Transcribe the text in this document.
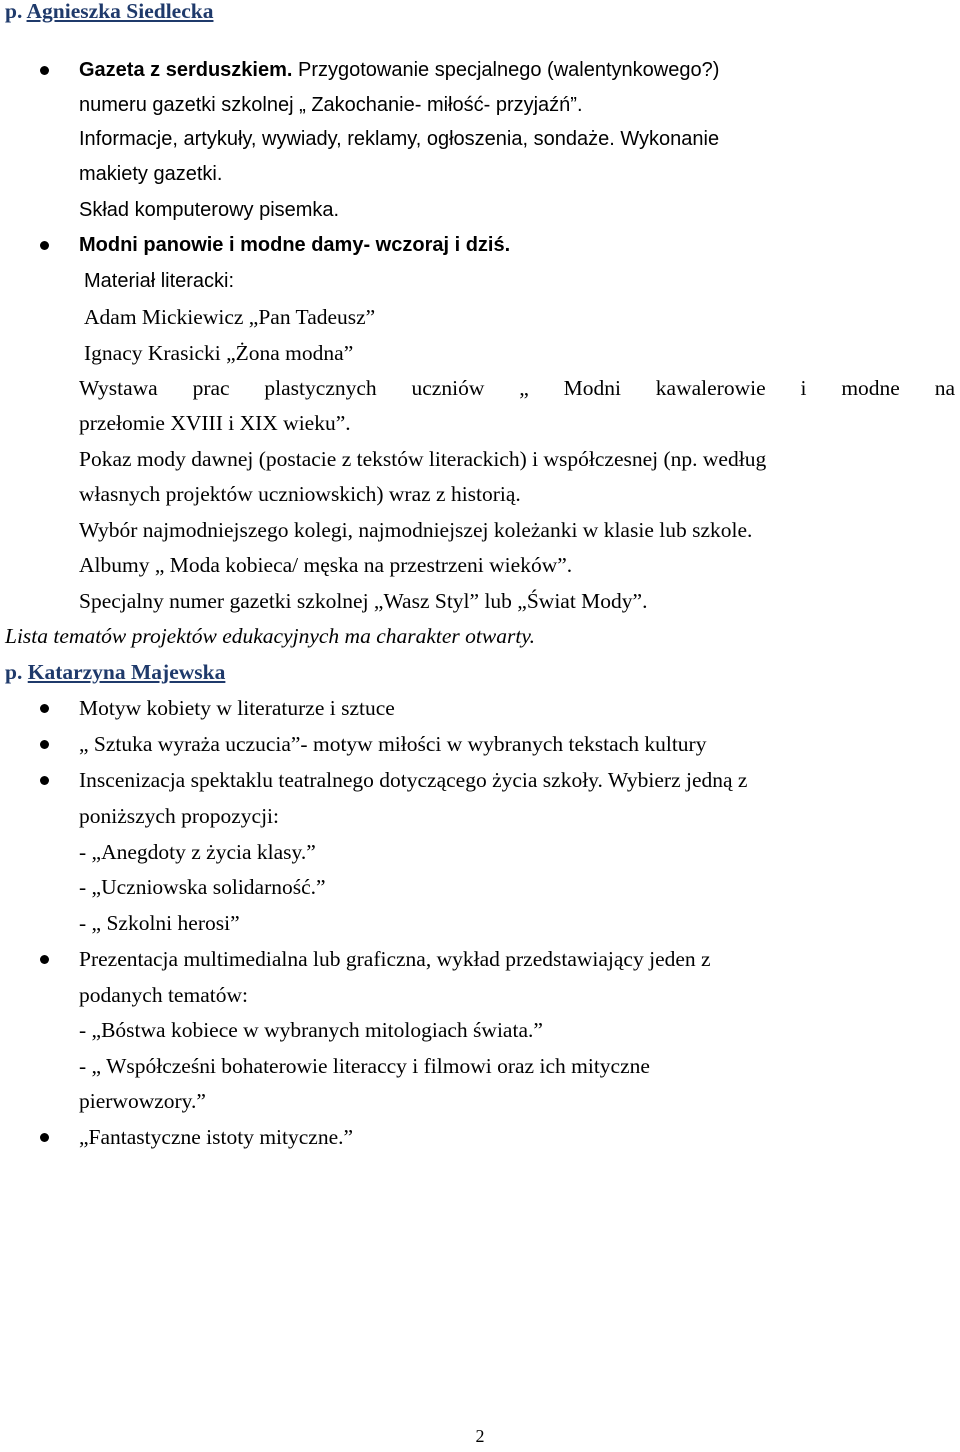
p. Agnieszka Siedlecka
Gazeta z serduszkiem. Przygotowanie specjalnego (walentynkowego?)
numeru gazetki szkolnej „ Zakochanie- miłość- przyjaźń”.
Informacje, artykuły, wywiady, reklamy, ogłoszenia, sondaże. Wykonanie
makiety gazetki.
Skład komputerowy pisemka.
Modni panowie i modne damy- wczoraj i dziś.
Materiał literacki:
Adam Mickiewicz „Pan Tadeusz”
Ignacy Krasicki „Żona modna”
Wystawa prac plastycznych uczniów „ Modni kawalerowie i modne na
przełomie XVIII i XIX wieku”.
Pokaz mody dawnej (postacie z tekstów literackich) i współczesnej (np. według
własnych projektów uczniowskich) wraz z historią.
Wybór najmodniejszego kolegi, najmodniejszej koleżanki w klasie lub szkole.
Albumy „ Moda kobieca/ męska na przestrzeni wieków”.
Specjalny numer gazetki szkolnej „Wasz Styl” lub „Świat Mody”.
Lista tematów projektów edukacyjnych ma charakter otwarty.
p. Katarzyna Majewska
Motyw kobiety w literaturze i sztuce
„ Sztuka wyraża uczucia”- motyw miłości w wybranych tekstach kultury
Inscenizacja spektaklu teatralnego dotyczącego życia szkoły. Wybierz jedną z
poniższych propozycji:
- „Anegdoty z życia klasy.”
- „Uczniowska solidarność.”
- „ Szkolni herosi”
Prezentacja multimedialna lub graficzna, wykład przedstawiający jeden z
podanych tematów:
- „Bóstwa kobiece w wybranych mitologiach świata.”
- „ Współcześni bohaterowie literaccy i filmowi oraz ich mityczne
pierwowzory.”
„Fantastyczne istoty mityczne.”
2
